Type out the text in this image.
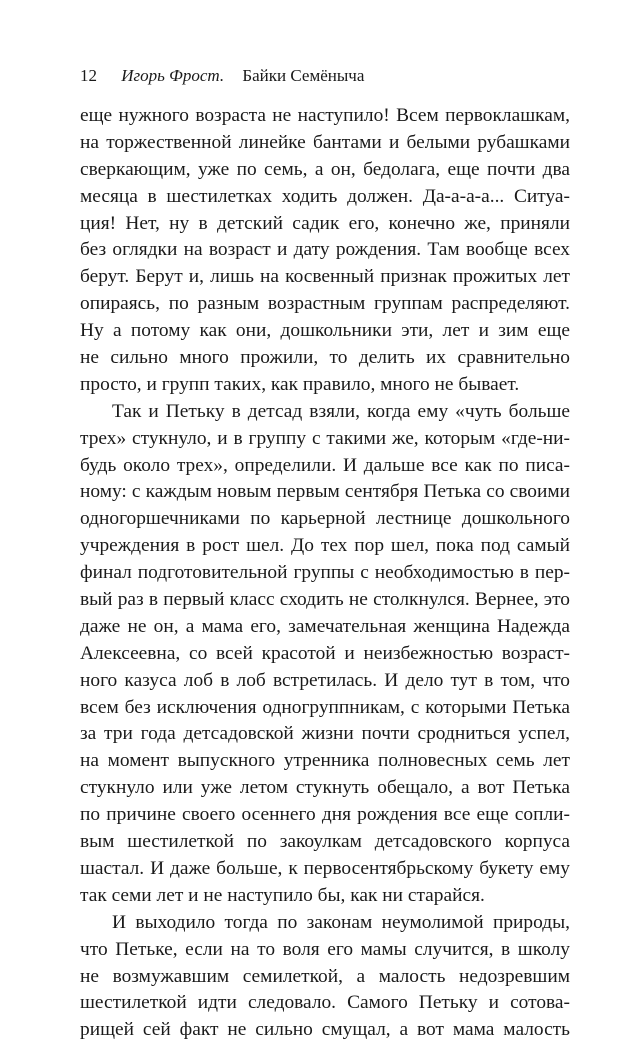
12 Игорь Фрост. Байки Семёныча
еще нужного возраста не наступило! Всем первоклашкам,
на торжественной линейке бантами и белыми рубашками
сверкающим, уже по семь, а он, бедолага, еще почти два
месяца в шестилетках ходить должен. Да-а-а-а... Ситуа-
ция! Нет, ну в детский садик его, конечно же, приняли
без оглядки на возраст и дату рождения. Там вообще всех
берут. Берут и, лишь на косвенный признак прожитых лет
опираясь, по разным возрастным группам распределяют.
Ну а потому как они, дошкольники эти, лет и зим еще
не сильно много прожили, то делить их сравнительно
просто, и групп таких, как правило, много не бывает.
Так и Петьку в детсад взяли, когда ему «чуть больше
трех» стукнуло, и в группу с такими же, которым «где-ни-
будь около трех», определили. И дальше все как по писа-
ному: с каждым новым первым сентября Петька со своими
одногоршечниками по карьерной лестнице дошкольного
учреждения в рост шел. До тех пор шел, пока под самый
финал подготовительной группы с необходимостью в пер-
вый раз в первый класс сходить не столкнулся. Вернее, это
даже не он, а мама его, замечательная женщина Надежда
Алексеевна, со всей красотой и неизбежностью возраст-
ного казуса лоб в лоб встретилась. И дело тут в том, что
всем без исключения одногруппникам, с которыми Петька
за три года детсадовской жизни почти сродниться успел,
на момент выпускного утренника полновесных семь лет
стукнуло или уже летом стукнуть обещало, а вот Петька
по причине своего осеннего дня рождения все еще сопли-
вым шестилеткой по закоулкам детсадовского корпуса
шастал. И даже больше, к первосентябрьскому букету ему
так семи лет и не наступило бы, как ни старайся.
И выходило тогда по законам неумолимой природы,
что Петьке, если на то воля его мамы случится, в школу
не возмужавшим семилеткой, а малость недозревшим
шестилеткой идти следовало. Самого Петьку и сотова-
рищей сей факт не сильно смущал, а вот мама малость
